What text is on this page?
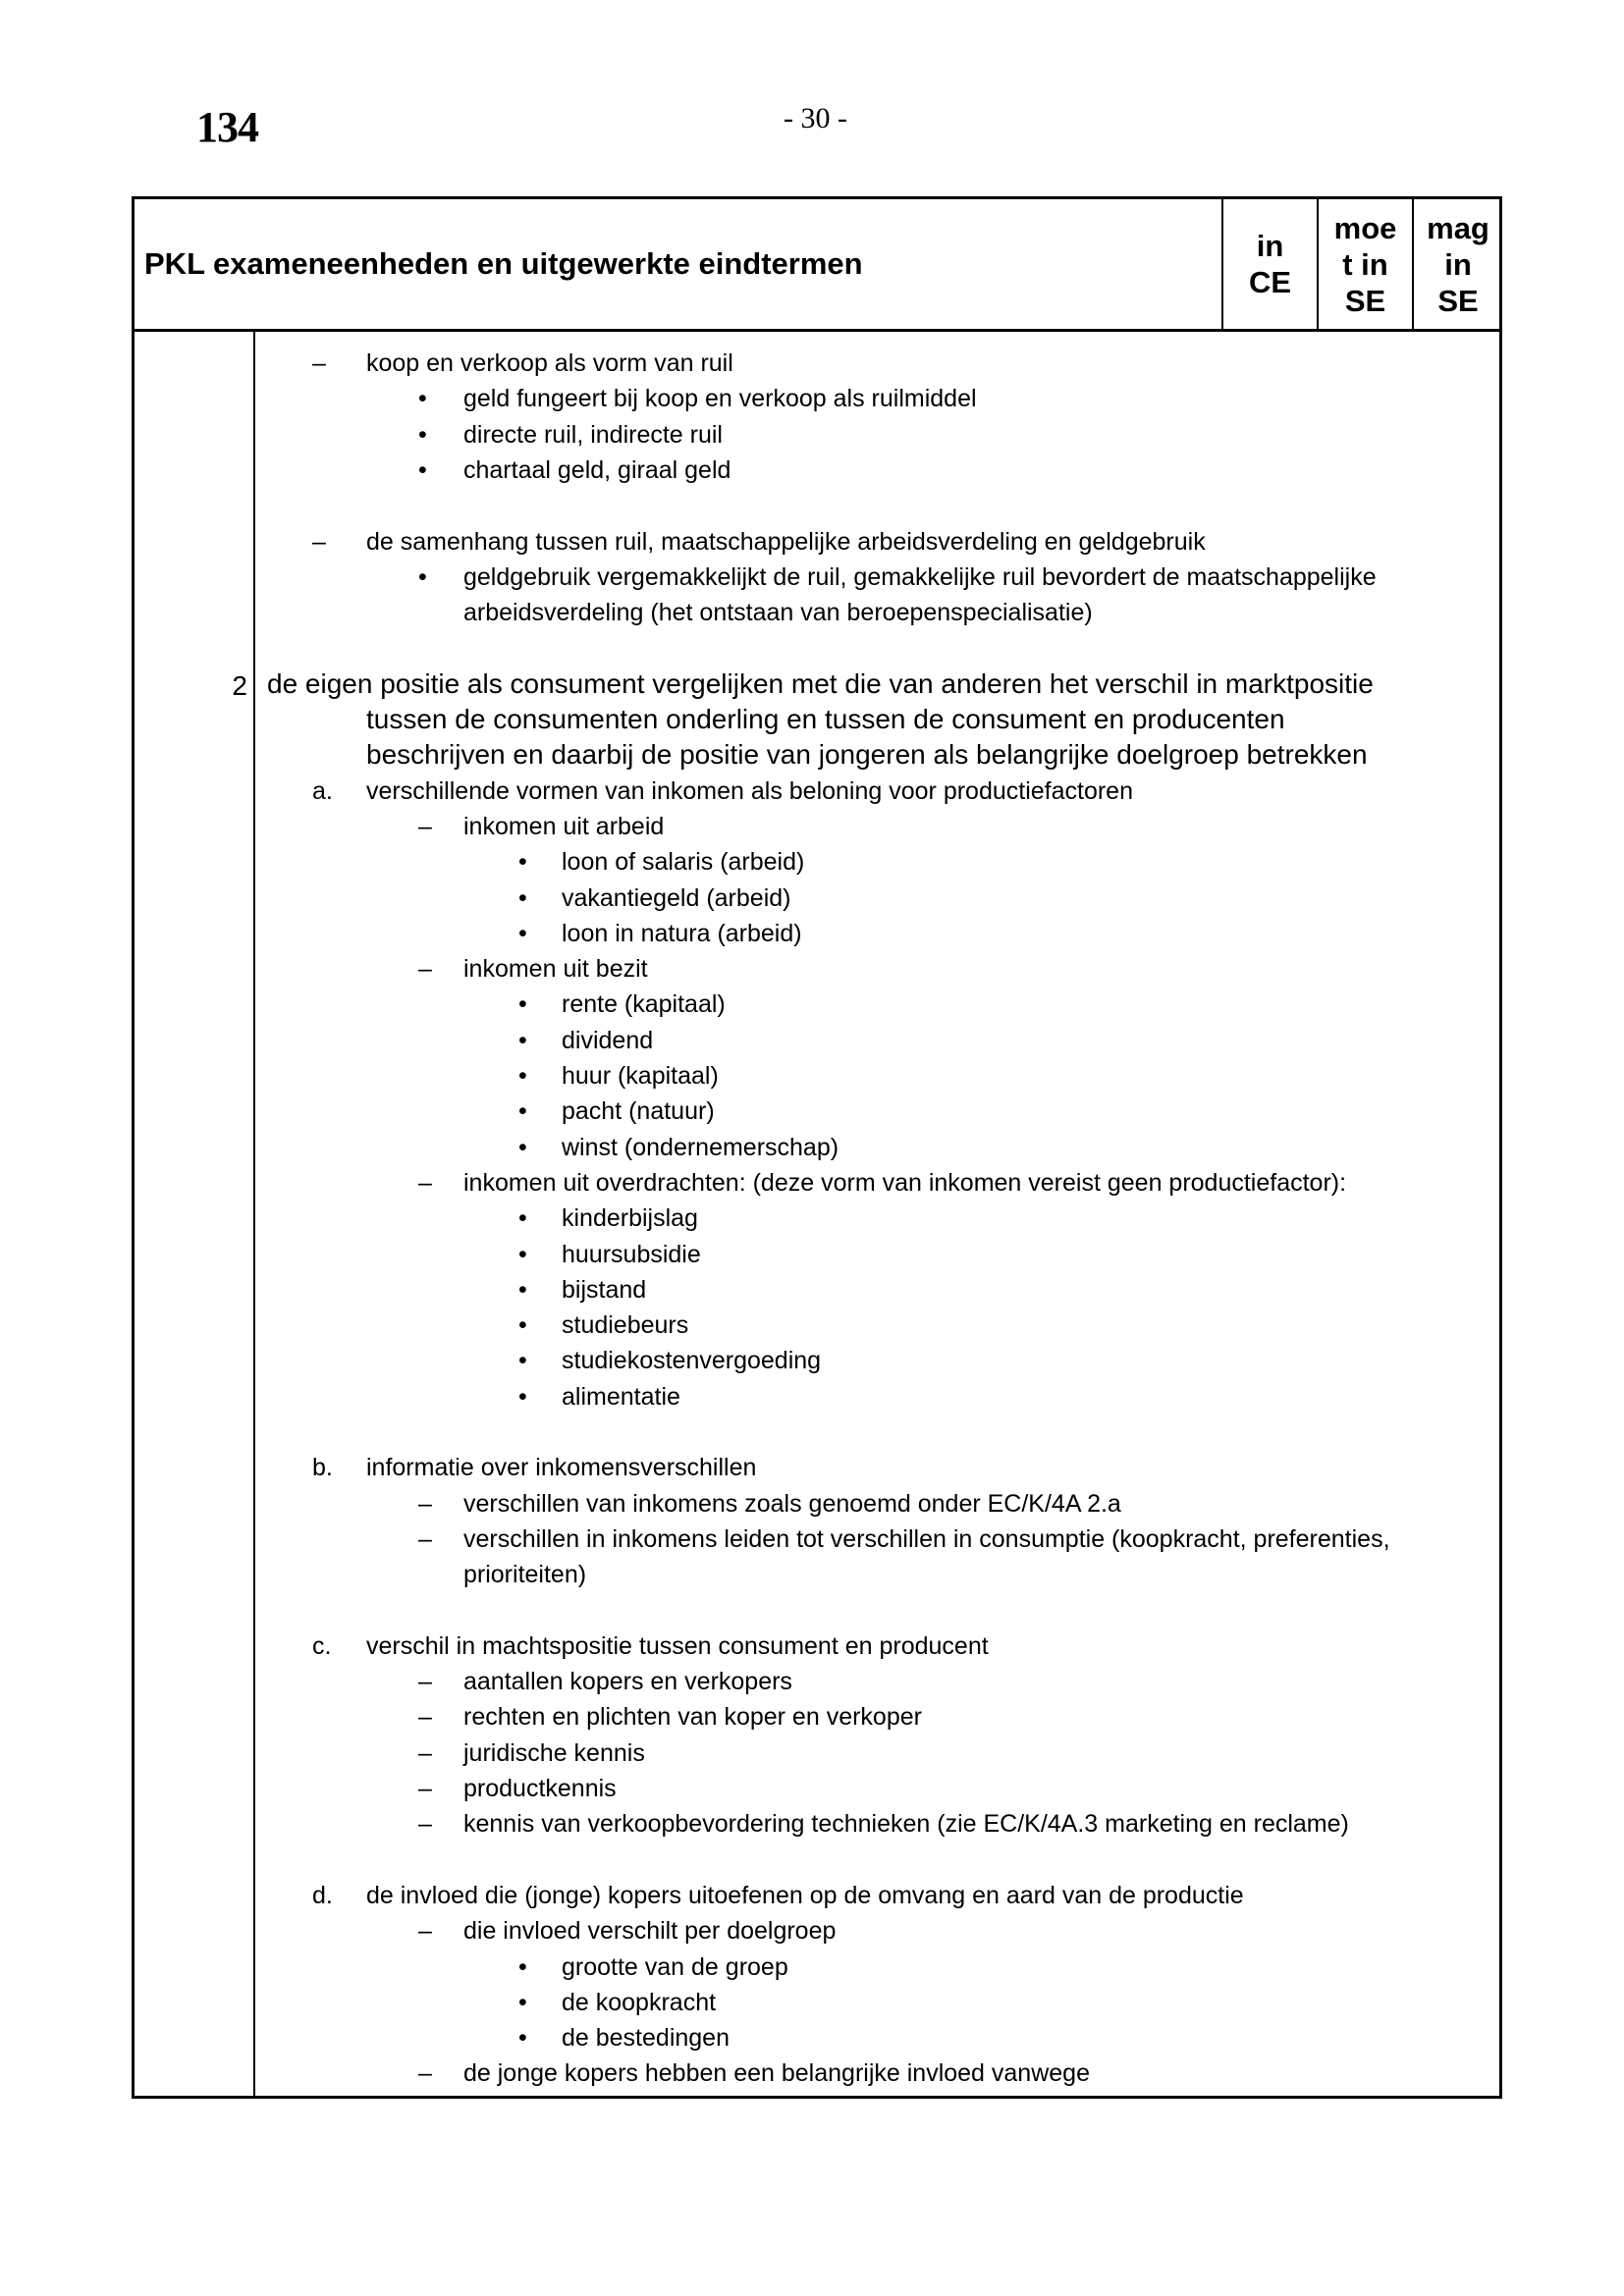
134	- 30 -
PKL exameneenheden en uitgewerkte eindtermen
in
CE
moe
t in
SE
mag
in
SE
2
– koop en verkoop als vorm van ruil
• geld fungeert bij koop en verkoop als ruilmiddel
• directe ruil, indirecte ruil
• chartaal geld, giraal geld
– de samenhang tussen ruil, maatschappelijke arbeidsverdeling en geldgebruik
• geldgebruik vergemakkelijkt de ruil, gemakkelijke ruil bevordert de maatschappelijke
arbeidsverdeling (het ontstaan van beroepenspecialisatie)
de eigen positie als consument vergelijken met die van anderen het verschil in marktpositie
tussen de consumenten onderling en tussen de consument en producenten
beschrijven en daarbij de positie van jongeren als belangrijke doelgroep betrekken
a. verschillende vormen van inkomen als beloning voor productiefactoren
– inkomen uit arbeid
• loon of salaris (arbeid)
• vakantiegeld (arbeid)
• loon in natura (arbeid)
– inkomen uit bezit
• rente (kapitaal)
• dividend
• huur (kapitaal)
• pacht (natuur)
• winst (ondernemerschap)
– inkomen uit overdrachten: (deze vorm van inkomen vereist geen productiefactor):
• kinderbijslag
• huursubsidie
• bijstand
• studiebeurs
• studiekostenvergoeding
• alimentatie
b. informatie over inkomensverschillen
– verschillen van inkomens zoals genoemd onder EC/K/4A 2.a
– verschillen in inkomens leiden tot verschillen in consumptie (koopkracht, preferenties,
prioriteiten)
c. verschil in machtspositie tussen consument en producent
– aantallen kopers en verkopers
– rechten en plichten van koper en verkoper
– juridische kennis
– productkennis
– kennis van verkoopbevordering technieken (zie EC/K/4A.3 marketing en reclame)
d. de invloed die (jonge) kopers uitoefenen op de omvang en aard van de productie
– die invloed verschilt per doelgroep
• grootte van de groep
• de koopkracht
• de bestedingen
– de jonge kopers hebben een belangrijke invloed vanwege
